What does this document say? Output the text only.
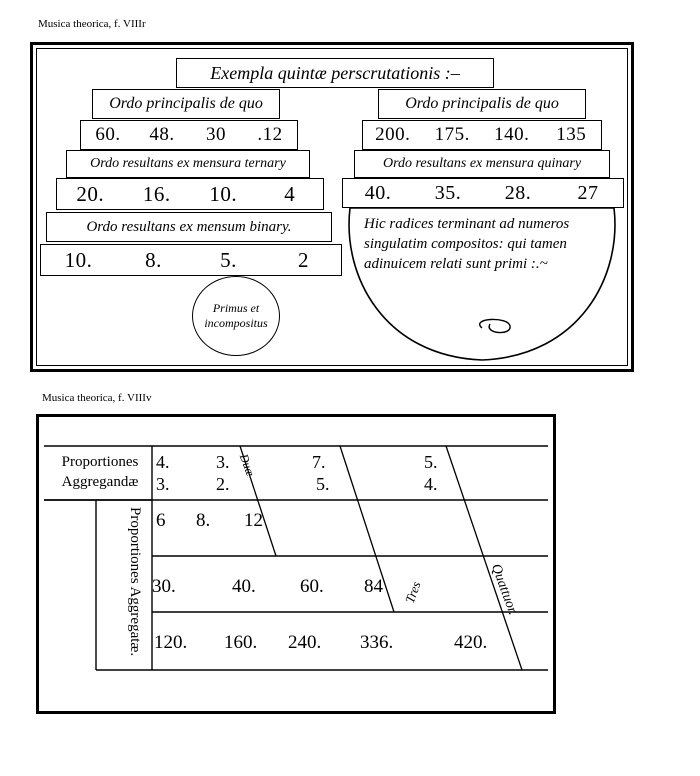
Musica theorica, f. VIIIr
Musica theorica, f. VIIIv
Exempla quintæ perscrutationis :–
Ordo principalis de quo
60.	48.	30	.12
Ordo resultans ex mensura ternary
20.	16.	10.	4
Ordo resultans ex mensum binary.
10.	8.	5.	2
Primus et incompositus
Ordo principalis de quo
200.	175.	140.	135
Ordo resultans ex mensura quinary
40.	35.	28.	27
Hic radices terminant ad numeros singulatim compositos: qui tamen adinuicem relati sunt primi :.~
Proportiones Aggregandæ
4.	3.	7.	5.
3.	2.	5.	4.
Duæ
Proportiones Aggregatæ. 6 8. 12
30.	40. 60. 84 Tres
120. 160. 240. 336.	420.
Quattuor.
